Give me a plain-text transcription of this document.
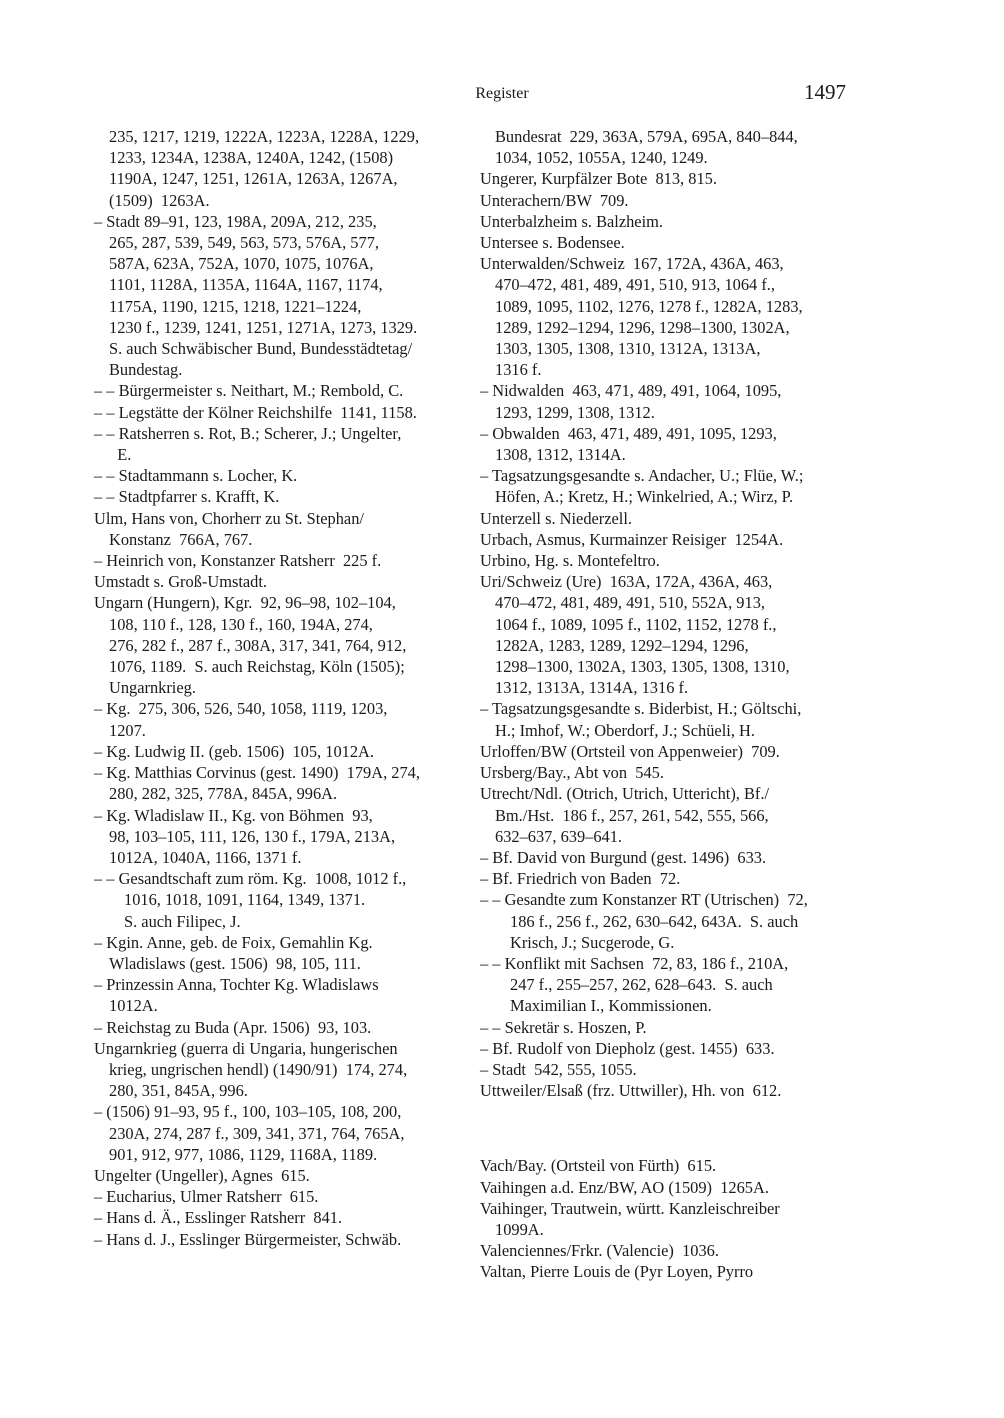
Register	1497

235, 1217, 1219, 1222A, 1223A, 1228A, 1229,
1233, 1234A, 1238A, 1240A, 1242, (1508)
1190A, 1247, 1251, 1261A, 1263A, 1267A,
(1509)  1263A.

– Stadt 89–91, 123, 198A, 209A, 212, 235,
265, 287, 539, 549, 563, 573, 576A, 577,
587A, 623A, 752A, 1070, 1075, 1076A,
1101, 1128A, 1135A, 1164A, 1167, 1174,
1175A, 1190, 1215, 1218, 1221–1224,
1230 f., 1239, 1241, 1251, 1271A, 1273, 1329.
S. auch Schwäbischer Bund, Bundesstädtetag/
Bundestag.

– – Bürgermeister s. Neithart, M.; Rembold, C.

– – Legstätte der Kölner Reichshilfe  1141, 1158.

– – Ratsherren s. Rot, B.; Scherer, J.; Ungelter,
E.

– – Stadtammann s. Locher, K.

– – Stadtpfarrer s. Krafft, K.

Ulm, Hans von, Chorherr zu St. Stephan/
Konstanz  766A, 767.

– Heinrich von, Konstanzer Ratsherr  225 f.

Umstadt s. Groß-Umstadt.

Ungarn (Hungern), Kgr.  92, 96–98, 102–104,
108, 110 f., 128, 130 f., 160, 194A, 274,
276, 282 f., 287 f., 308A, 317, 341, 764, 912,
1076, 1189.  S. auch Reichstag, Köln (1505);
Ungarnkrieg.

– Kg.  275, 306, 526, 540, 1058, 1119, 1203,
1207.

– Kg. Ludwig II. (geb. 1506)  105, 1012A.

– Kg. Matthias Corvinus (gest. 1490)  179A, 274,
280, 282, 325, 778A, 845A, 996A.

– Kg. Wladislaw II., Kg. von Böhmen  93,
98, 103–105, 111, 126, 130 f., 179A, 213A,
1012A, 1040A, 1166, 1371 f.

– – Gesandtschaft zum röm. Kg.  1008, 1012 f.,
1016, 1018, 1091, 1164, 1349, 1371.
S. auch Filipec, J.

– Kgin. Anne, geb. de Foix, Gemahlin Kg.
Wladislaws (gest. 1506)  98, 105, 111.

– Prinzessin Anna, Tochter Kg. Wladislaws
1012A.

– Reichstag zu Buda (Apr. 1506)  93, 103.

Ungarnkrieg (guerra di Ungaria, hungerischen
krieg, ungrischen hendl) (1490/91)  174, 274,
280, 351, 845A, 996.

– (1506) 91–93, 95 f., 100, 103–105, 108, 200,
230A, 274, 287 f., 309, 341, 371, 764, 765A,
901, 912, 977, 1086, 1129, 1168A, 1189.

Ungelter (Ungeller), Agnes  615.

– Eucharius, Ulmer Ratsherr  615.

– Hans d. Ä., Esslinger Ratsherr  841.

– Hans d. J., Esslinger Bürgermeister, Schwäb.

Bundesrat  229, 363A, 579A, 695A, 840–844,
1034, 1052, 1055A, 1240, 1249.

Ungerer, Kurpfälzer Bote  813, 815.

Unterachern/BW  709.

Unterbalzheim s. Balzheim.

Untersee s. Bodensee.

Unterwalden/Schweiz  167, 172A, 436A, 463,
470–472, 481, 489, 491, 510, 913, 1064 f.,
1089, 1095, 1102, 1276, 1278 f., 1282A, 1283,
1289, 1292–1294, 1296, 1298–1300, 1302A,
1303, 1305, 1308, 1310, 1312A, 1313A,
1316 f.

– Nidwalden  463, 471, 489, 491, 1064, 1095,
1293, 1299, 1308, 1312.

– Obwalden  463, 471, 489, 491, 1095, 1293,
1308, 1312, 1314A.

– Tagsatzungsgesandte s. Andacher, U.; Flüe, W.;
Höfen, A.; Kretz, H.; Winkelried, A.; Wirz, P.

Unterzell s. Niederzell.

Urbach, Asmus, Kurmainzer Reisiger  1254A.

Urbino, Hg. s. Montefeltro.

Uri/Schweiz (Ure)  163A, 172A, 436A, 463,
470–472, 481, 489, 491, 510, 552A, 913,
1064 f., 1089, 1095 f., 1102, 1152, 1278 f.,
1282A, 1283, 1289, 1292–1294, 1296,
1298–1300, 1302A, 1303, 1305, 1308, 1310,
1312, 1313A, 1314A, 1316 f.

– Tagsatzungsgesandte s. Biderbist, H.; Göltschi,
H.; Imhof, W.; Oberdorf, J.; Schüeli, H.

Urloffen/BW (Ortsteil von Appenweier)  709.

Ursberg/Bay., Abt von  545.

Utrecht/Ndl. (Otrich, Utrich, Uttericht), Bf./
Bm./Hst.  186 f., 257, 261, 542, 555, 566,
632–637, 639–641.

– Bf. David von Burgund (gest. 1496)  633.

– Bf. Friedrich von Baden  72.

– – Gesandte zum Konstanzer RT (Utrischen)  72,
186 f., 256 f., 262, 630–642, 643A.  S. auch
Krisch, J.; Sucgerode, G.

– – Konflikt mit Sachsen  72, 83, 186 f., 210A,
247 f., 255–257, 262, 628–643.  S. auch
Maximilian I., Kommissionen.

– – Sekretär s. Hoszen, P.

– Bf. Rudolf von Diepholz (gest. 1455)  633.

– Stadt  542, 555, 1055.

Uttweiler/Elsaß (frz. Uttwiller), Hh. von  612.

Vach/Bay. (Ortsteil von Fürth)  615.

Vaihingen a.d. Enz/BW, AO (1509)  1265A.

Vaihinger, Trautwein, württ. Kanzleischreiber
1099A.

Valenciennes/Frkr. (Valencie)  1036.

Valtan, Pierre Louis de (Pyr Loyen, Pyrro
